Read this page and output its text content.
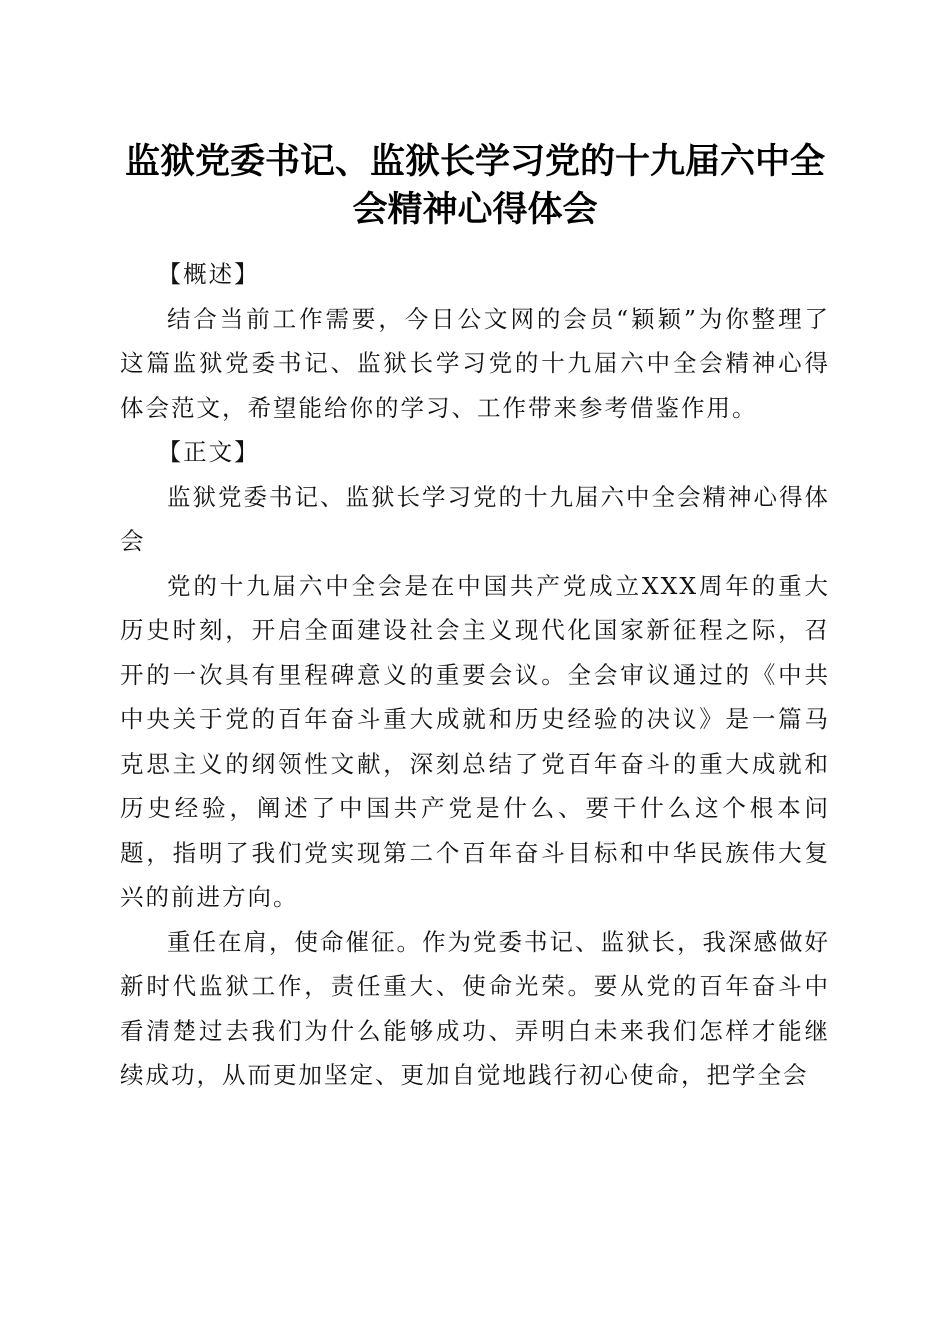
监狱党委书记、监狱长学习党的十九届六中全会精神心得体会

【概述】

结合当前工作需要，今日公文网的会员“颖颖”为你整理了这篇监狱党委书记、监狱长学习党的十九届六中全会精神心得体会范文，希望能给你的学习、工作带来参考借鉴作用。

【正文】

监狱党委书记、监狱长学习党的十九届六中全会精神心得体会

党的十九届六中全会是在中国共产党成立XXX周年的重大历史时刻，开启全面建设社会主义现代化国家新征程之际，召开的一次具有里程碑意义的重要会议。全会审议通过的《中共中央关于党的百年奋斗重大成就和历史经验的决议》是一篇马克思主义的纲领性文献，深刻总结了党百年奋斗的重大成就和历史经验，阐述了中国共产党是什么、要干什么这个根本问题，指明了我们党实现第二个百年奋斗目标和中华民族伟大复兴的前进方向。

重任在肩，使命催征。作为党委书记、监狱长，我深感做好新时代监狱工作，责任重大、使命光荣。要从党的百年奋斗中看清楚过去我们为什么能够成功、弄明白未来我们怎样才能继续成功，从而更加坚定、更加自觉地践行初心使命，把学全会
